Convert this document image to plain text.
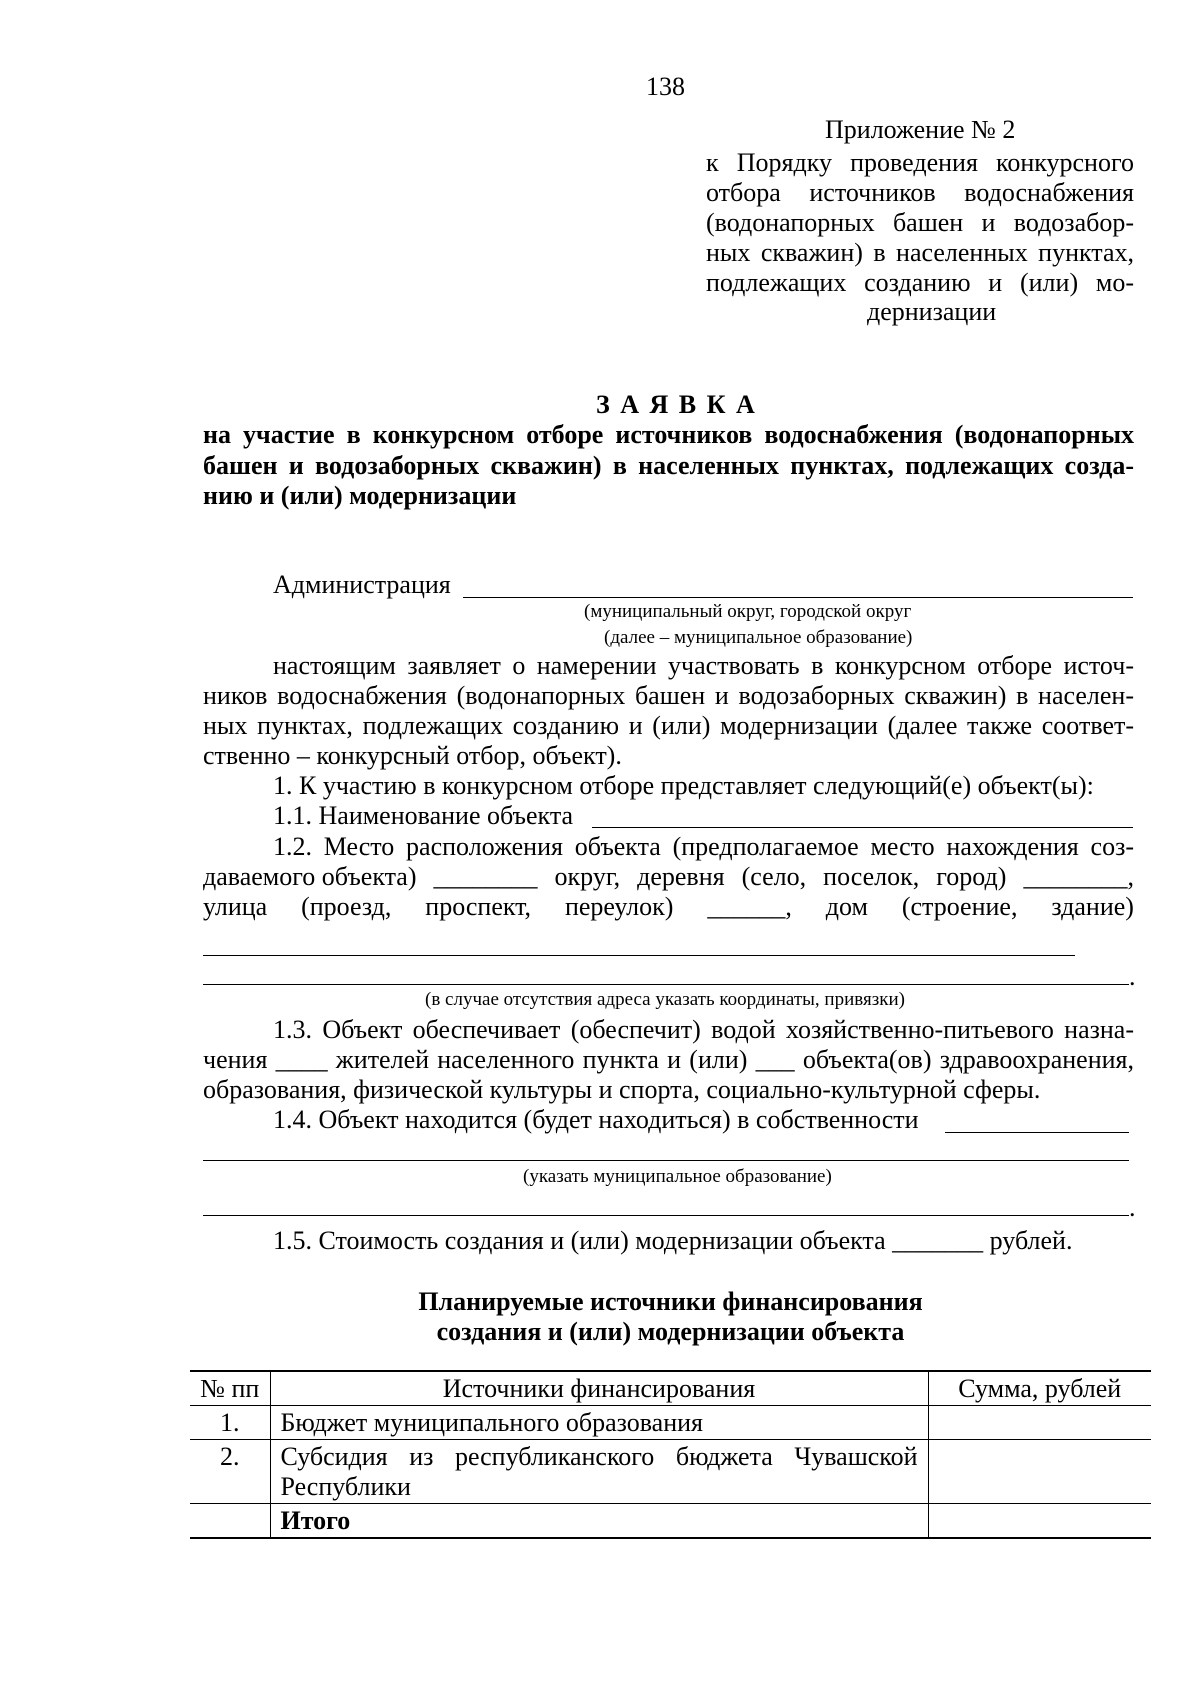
138
Приложение № 2
к Порядку проведения конкурсного
отбора источников водоснабжения
(водонапорных башен и водозабор-
ных скважин) в населенных пунктах,
подлежащих созданию и (или) мо-
дернизации
З А Я В К А
на участие в конкурсном отборе источников водоснабжения (водонапорных
башен и водозаборных скважин) в населенных пунктах, подлежащих созда-
нию и (или) модернизации
Администрация
(муниципальный округ, городской округ
(далее – муниципальное образование)
настоящим заявляет о намерении участвовать в конкурсном отборе источ-
ников водоснабжения (водонапорных башен и водозаборных скважин) в населен-
ных пунктах, подлежащих созданию и (или) модернизации (далее также соответ-
ственно – конкурсный отбор, объект).
1. К участию в конкурсном отборе представляет следующий(е) объект(ы):
1.1. Наименование объекта
1.2. Место расположения объекта (предполагаемое место нахождения соз-
даваемого объекта) ________ округ, деревня (село, поселок, город) ________,
улица (проезд, проспект, переулок) ______, дом (строение, здание)
.
(в случае отсутствия адреса указать координаты, привязки)
1.3. Объект обеспечивает (обеспечит) водой хозяйственно-питьевого назна-
чения ____ жителей населенного пункта и (или) ___ объекта(ов) здравоохранения,
образования, физической культуры и спорта, социально-культурной сферы.
1.4. Объект находится (будет находиться) в собственности
(указать муниципальное образование)
.
1.5. Стоимость создания и (или) модернизации объекта _______ рублей.
Планируемые источники финансирования
создания и (или) модернизации объекта
№ пп	Источники финансирования	Сумма, рублей
1.	Бюджет муниципального образования	
2.	Субсидия из республиканского бюджета Чувашской Республики	
	Итого	
